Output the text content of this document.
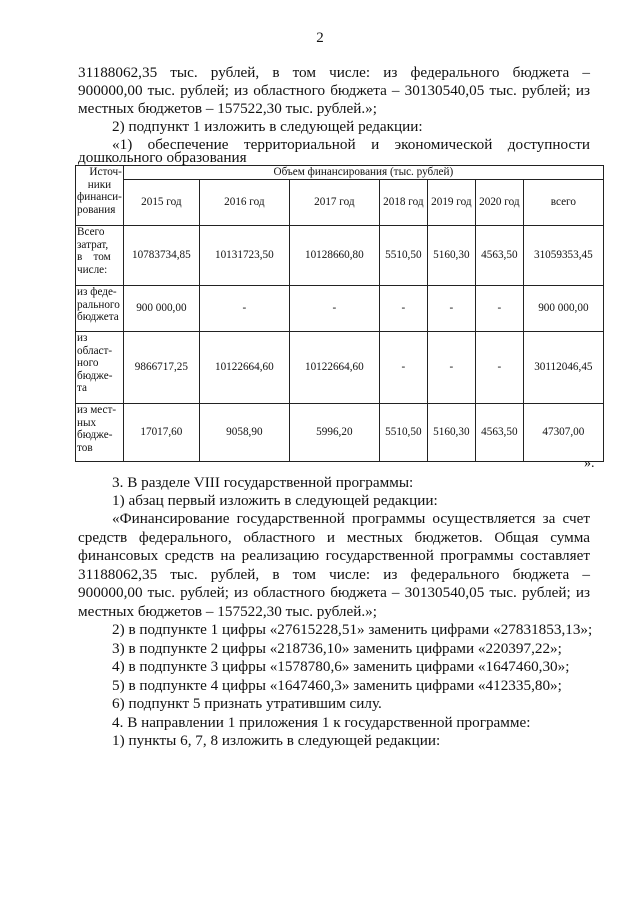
2
31188062,35 тыс. рублей, в том числе: из федерального бюджета –
900000,00 тыс. рублей; из областного бюджета – 30130540,05 тыс. рублей; из
местных бюджетов – 157522,30 тыс. рублей.»;
2) подпункт 1 изложить в следующей редакции:
«1) обеспечение территориальной и экономической доступности
дошкольного образования
Источ-
ники
финанси-
рования	Объем финансирования (тыс. рублей)						
	2015 год	2016 год	2017 год	2018 год	2019 год	2020 год	всего

Всего
затрат,
в    том
числе:	10783734,85	10131723,50	10128660,80	5510,50	5160,30	4563,50	31059353,45

из феде-
рального
бюджета	900 000,00	-	-	-	-	-	900 000,00

из
област-
ного
бюдже-
та	9866717,25	10122664,60	10122664,60	-	-	-	30112046,45

из мест-
ных
бюдже-
тов	17017,60	9058,90	5996,20	5510,50	5160,30	4563,50	47307,00
».
3. В разделе VIII государственной программы:
1) абзац первый изложить в следующей редакции:
«Финансирование государственной программы осуществляется за счет
средств федерального, областного и местных бюджетов. Общая сумма
финансовых средств на реализацию государственной программы составляет
31188062,35 тыс. рублей, в том числе: из федерального бюджета –
900000,00 тыс. рублей; из областного бюджета – 30130540,05 тыс. рублей; из
местных бюджетов – 157522,30 тыс. рублей.»;
2) в подпункте 1 цифры «27615228,51» заменить цифрами «27831853,13»;
3) в подпункте 2 цифры «218736,10» заменить цифрами «220397,22»;
4) в подпункте 3 цифры «1578780,6» заменить цифрами «1647460,30»;
5) в подпункте 4 цифры «1647460,3» заменить цифрами «412335,80»;
6) подпункт 5 признать утратившим силу.
4. В направлении 1 приложения 1 к государственной программе:
1) пункты 6, 7, 8 изложить в следующей редакции:
